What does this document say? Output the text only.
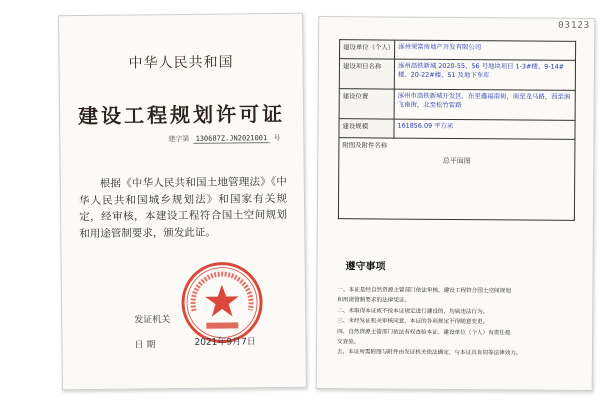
中华人民共和国
建设工程规划许可证
建字第 130687Z.JN2021001 号
根据《中华人民共和国土地管理法》《中华人民共和国城乡规划法》和国家有关规定，经审核，本建设工程符合国土空间规划和用途管制要求，颁发此证。
发证机关
日 期	2021年9月7日
03123
建设单位（个人）	涿州荣富房地产开发有限公司
建设项目名称	涿州高铁新城 2020-55、56 号地块项目 1-3#楼、9-14#楼、20-22#楼、S1 及地下车库
建设位置	涿州市高铁新城开发区，东至鑫福南街，南至龙马路，西至润飞南街，北至松竹雷路
建设规模	161856.09 平方米

附图及附件名称
总平面图	
遵守事项
一、本证是经自然资源主管部门依法审核，建设工程符合国土空间规划
和用途管制要求的法律凭证。
二、未取得本证或不按本证规定进行建设的，均属违法行为。
三、未经发证机关审核同意，本证的各项规定不得随意变更。
四、自然资源主管部门依法有权查验本证，建设单位（个人）有责任提
交查验。
五、本证所需附图与附件由发证机关依法确定，与本证具有同等法律效力。
